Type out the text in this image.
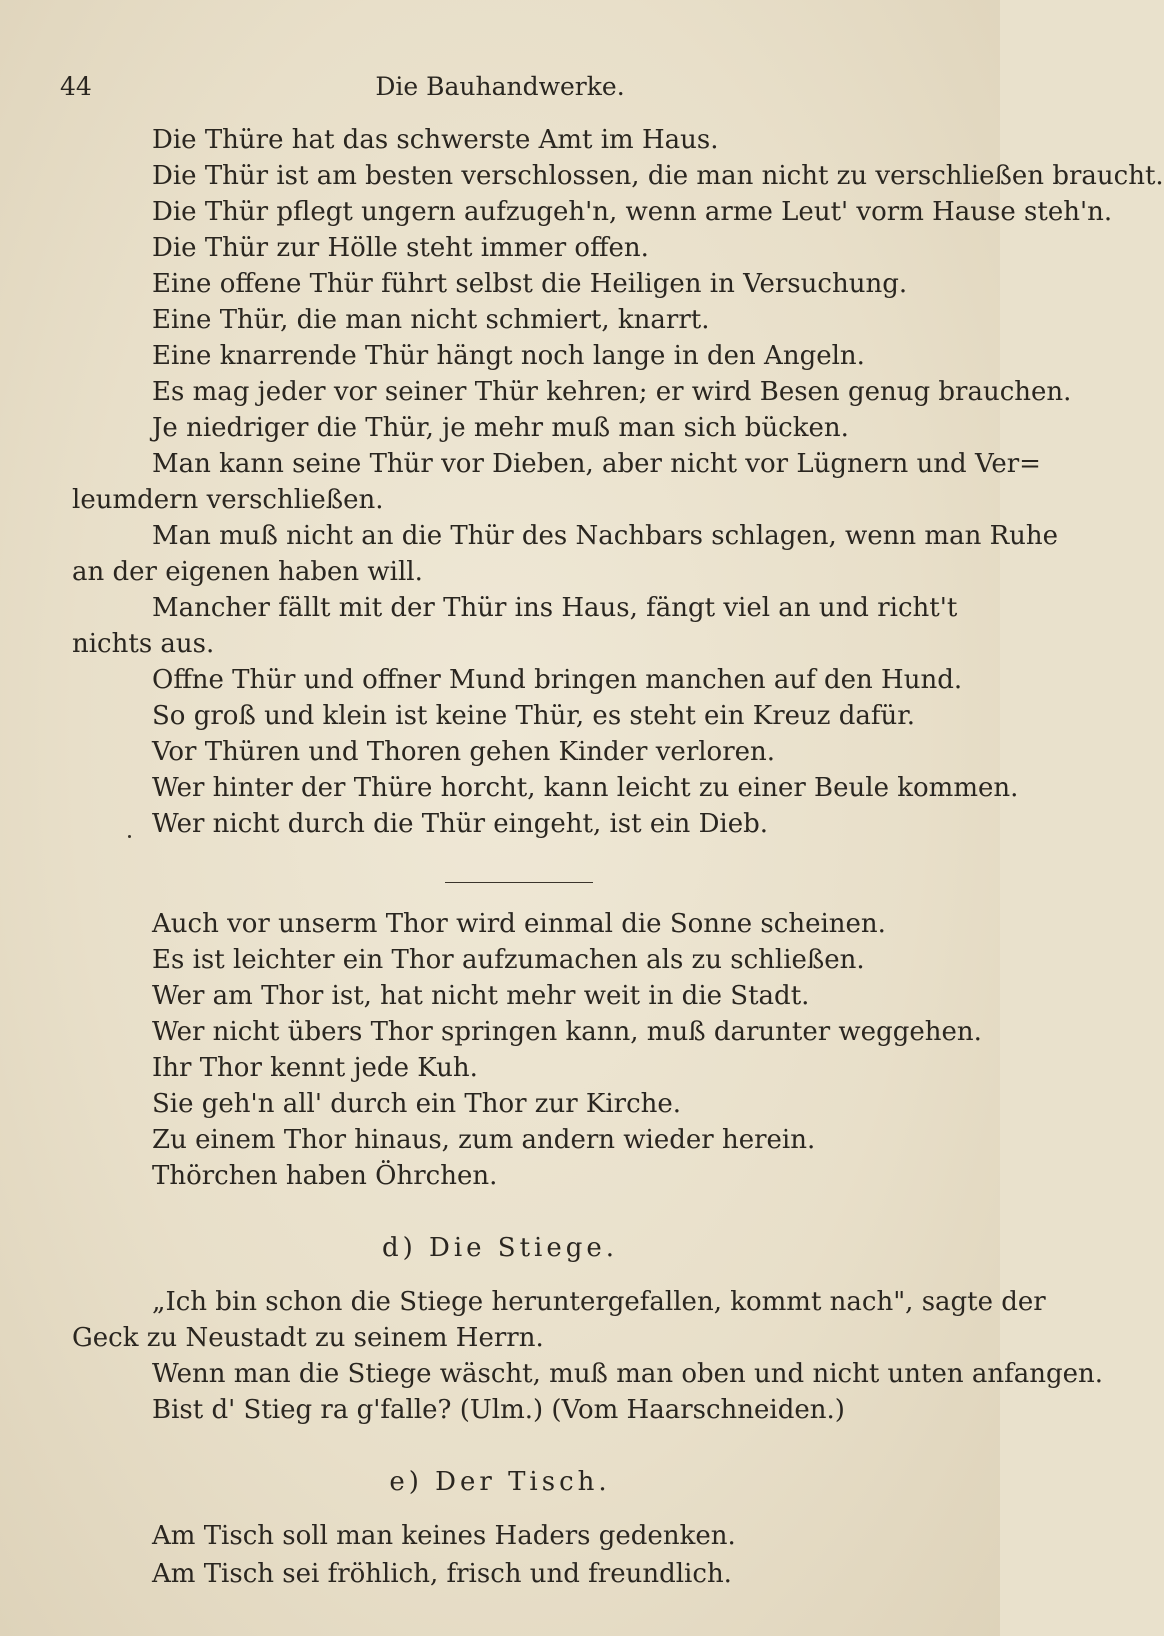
44	Die Bauhandwerke.
Die Thüre hat das schwerste Amt im Haus.
Die Thür ist am besten verschlossen, die man nicht zu verschließen braucht.
Die Thür pflegt ungern aufzugeh'n, wenn arme Leut' vorm Hause steh'n.
Die Thür zur Hölle steht immer offen.
Eine offene Thür führt selbst die Heiligen in Versuchung.
Eine Thür, die man nicht schmiert, knarrt.
Eine knarrende Thür hängt noch lange in den Angeln.
Es mag jeder vor seiner Thür kehren; er wird Besen genug brauchen.
Je niedriger die Thür, je mehr muß man sich bücken.
Man kann seine Thür vor Dieben, aber nicht vor Lügnern und Ver=
leumdern verschließen.
Man muß nicht an die Thür des Nachbars schlagen, wenn man Ruhe
an der eigenen haben will.
Mancher fällt mit der Thür ins Haus, fängt viel an und richt't
nichts aus.
Offne Thür und offner Mund bringen manchen auf den Hund.
So groß und klein ist keine Thür, es steht ein Kreuz dafür.
Vor Thüren und Thoren gehen Kinder verloren.
Wer hinter der Thüre horcht, kann leicht zu einer Beule kommen.
Wer nicht durch die Thür eingeht, ist ein Dieb.
Auch vor unserm Thor wird einmal die Sonne scheinen.
Es ist leichter ein Thor aufzumachen als zu schließen.
Wer am Thor ist, hat nicht mehr weit in die Stadt.
Wer nicht übers Thor springen kann, muß darunter weggehen.
Ihr Thor kennt jede Kuh.
Sie geh'n all' durch ein Thor zur Kirche.
Zu einem Thor hinaus, zum andern wieder herein.
Thörchen haben Öhrchen.
d) Die Stiege.
„Ich bin schon die Stiege heruntergefallen, kommt nach", sagte der
Geck zu Neustadt zu seinem Herrn.
Wenn man die Stiege wäscht, muß man oben und nicht unten anfangen.
Bist d' Stieg ra g'falle? (Ulm.) (Vom Haarschneiden.)
e) Der Tisch.
Am Tisch soll man keines Haders gedenken.
Am Tisch sei fröhlich, frisch und freundlich.
